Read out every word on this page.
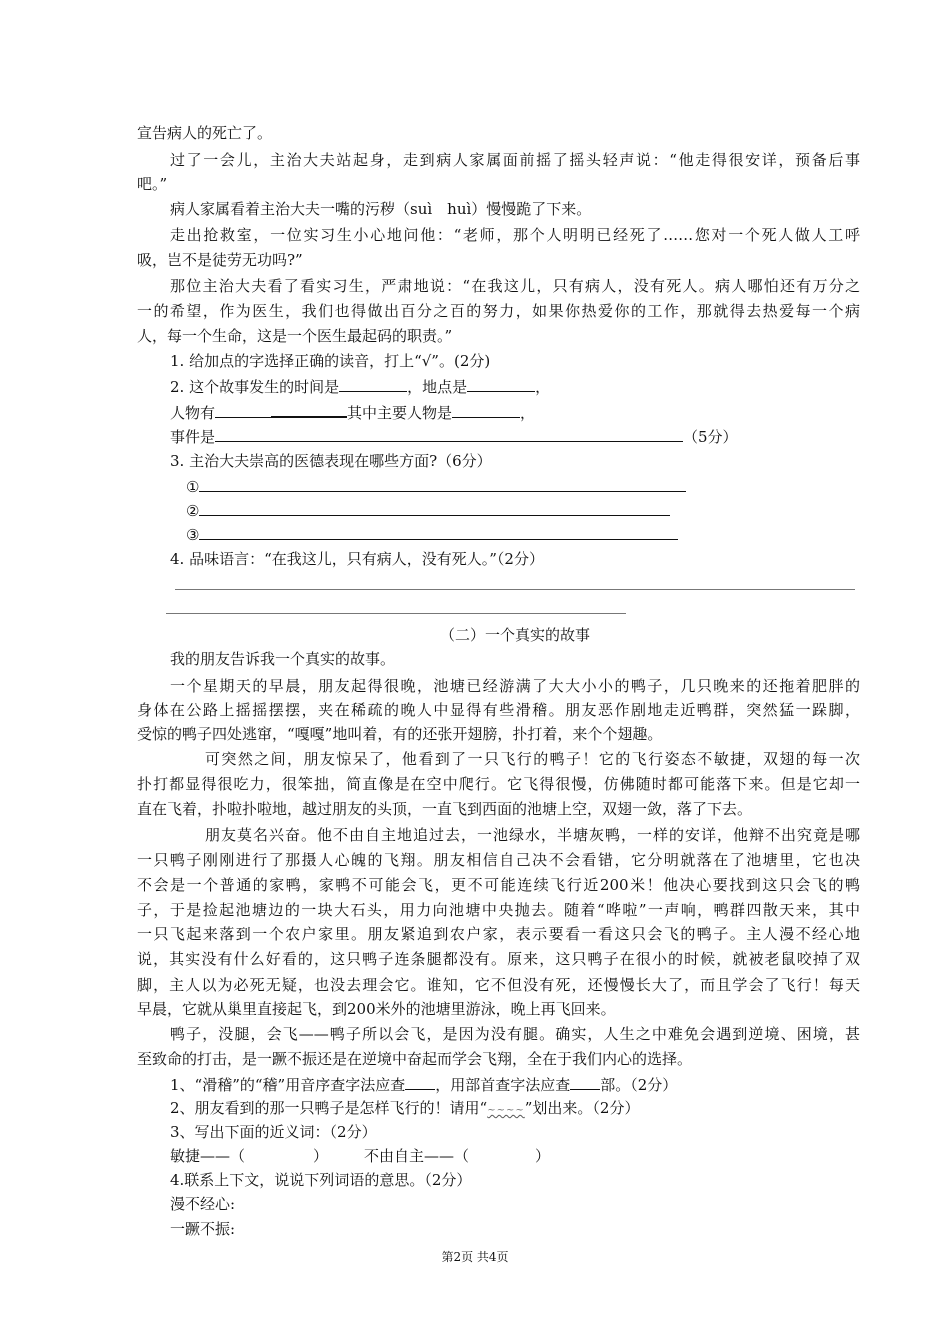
宣告病人的死亡了。
过了一会儿，主治大夫站起身，走到病人家属面前摇了摇头轻声说：“他走得很安详，预备后事
吧。”
病人家属看着主治大夫一嘴的污秽（suì　huì）慢慢跪了下来。
走出抢救室，一位实习生小心地问他：“老师，那个人明明已经死了……您对一个死人做人工呼
吸，岂不是徒劳无功吗?”
那位主治大夫看了看实习生，严肃地说：“在我这儿，只有病人，没有死人。病人哪怕还有万分之
一的希望，作为医生，我们也得做出百分之百的努力，如果你热爱你的工作，那就得去热爱每一个病
人，每一个生命，这是一个医生最起码的职责。”
1. 给加点的字选择正确的读音，打上“√”。(2分)
2. 这个故事发生的时间是	，地点是	，
人物有	其中主要人物是	，
事件是	（5分）
3. 主治大夫崇高的医德表现在哪些方面?（6分）
①
②
③
4. 品味语言：“在我这儿，只有病人，没有死人。”（2分）
（二）一个真实的故事
我的朋友告诉我一个真实的故事。
一个星期天的早晨，朋友起得很晚，池塘已经游满了大大小小的鸭子，几只晚来的还拖着肥胖的
身体在公路上摇摇摆摆，夹在稀疏的晚人中显得有些滑稽。朋友恶作剧地走近鸭群，突然猛一跺脚，
受惊的鸭子四处逃窜，“嘎嘎”地叫着，有的还张开翅膀，扑打着，来个个翅趣。
可突然之间，朋友惊呆了，他看到了一只飞行的鸭子！它的飞行姿态不敏捷，双翅的每一次
扑打都显得很吃力，很笨拙，简直像是在空中爬行。它飞得很慢，仿佛随时都可能落下来。但是它却一
直在飞着，扑啦扑啦地，越过朋友的头顶，一直飞到西面的池塘上空，双翅一敛，落了下去。
朋友莫名兴奋。他不由自主地追过去，一池绿水，半塘灰鸭，一样的安详，他辩不出究竟是哪
一只鸭子刚刚进行了那摄人心魄的飞翔。朋友相信自己决不会看错，它分明就落在了池塘里，它也决
不会是一个普通的家鸭，家鸭不可能会飞，更不可能连续飞行近200米！他决心要找到这只会飞的鸭
子，于是捡起池塘边的一块大石头，用力向池塘中央抛去。随着“哗啦”一声响，鸭群四散天来，其中
一只飞起来落到一个农户家里。朋友紧追到农户家，表示要看一看这只会飞的鸭子。主人漫不经心地
说，其实没有什么好看的，这只鸭子连条腿都没有。原来，这只鸭子在很小的时候，就被老鼠咬掉了双
脚，主人以为必死无疑，也没去理会它。谁知，它不但没有死，还慢慢长大了，而且学会了飞行！每天
早晨，它就从巢里直接起飞，到200米外的池塘里游泳，晚上再飞回来。
鸭子，没腿，会飞——鸭子所以会飞，是因为没有腿。确实，人生之中难免会遇到逆境、困境，甚
至致命的打击，是一蹶不振还是在逆境中奋起而学会飞翔，全在于我们内心的选择。
1、“滑稽”的“稽”用音序查字法应查 ，用部首查字法应查 部。（2分）
2、朋友看到的那一只鸭子是怎样飞行的！请用“~~~~”划出来。（2分）
3、写出下面的近义词：（2分）
敏捷——（	） 不由自主——（	）
4.联系上下文，说说下列词语的意思。（2分）
漫不经心:
一蹶不振:
第2页 共4页
